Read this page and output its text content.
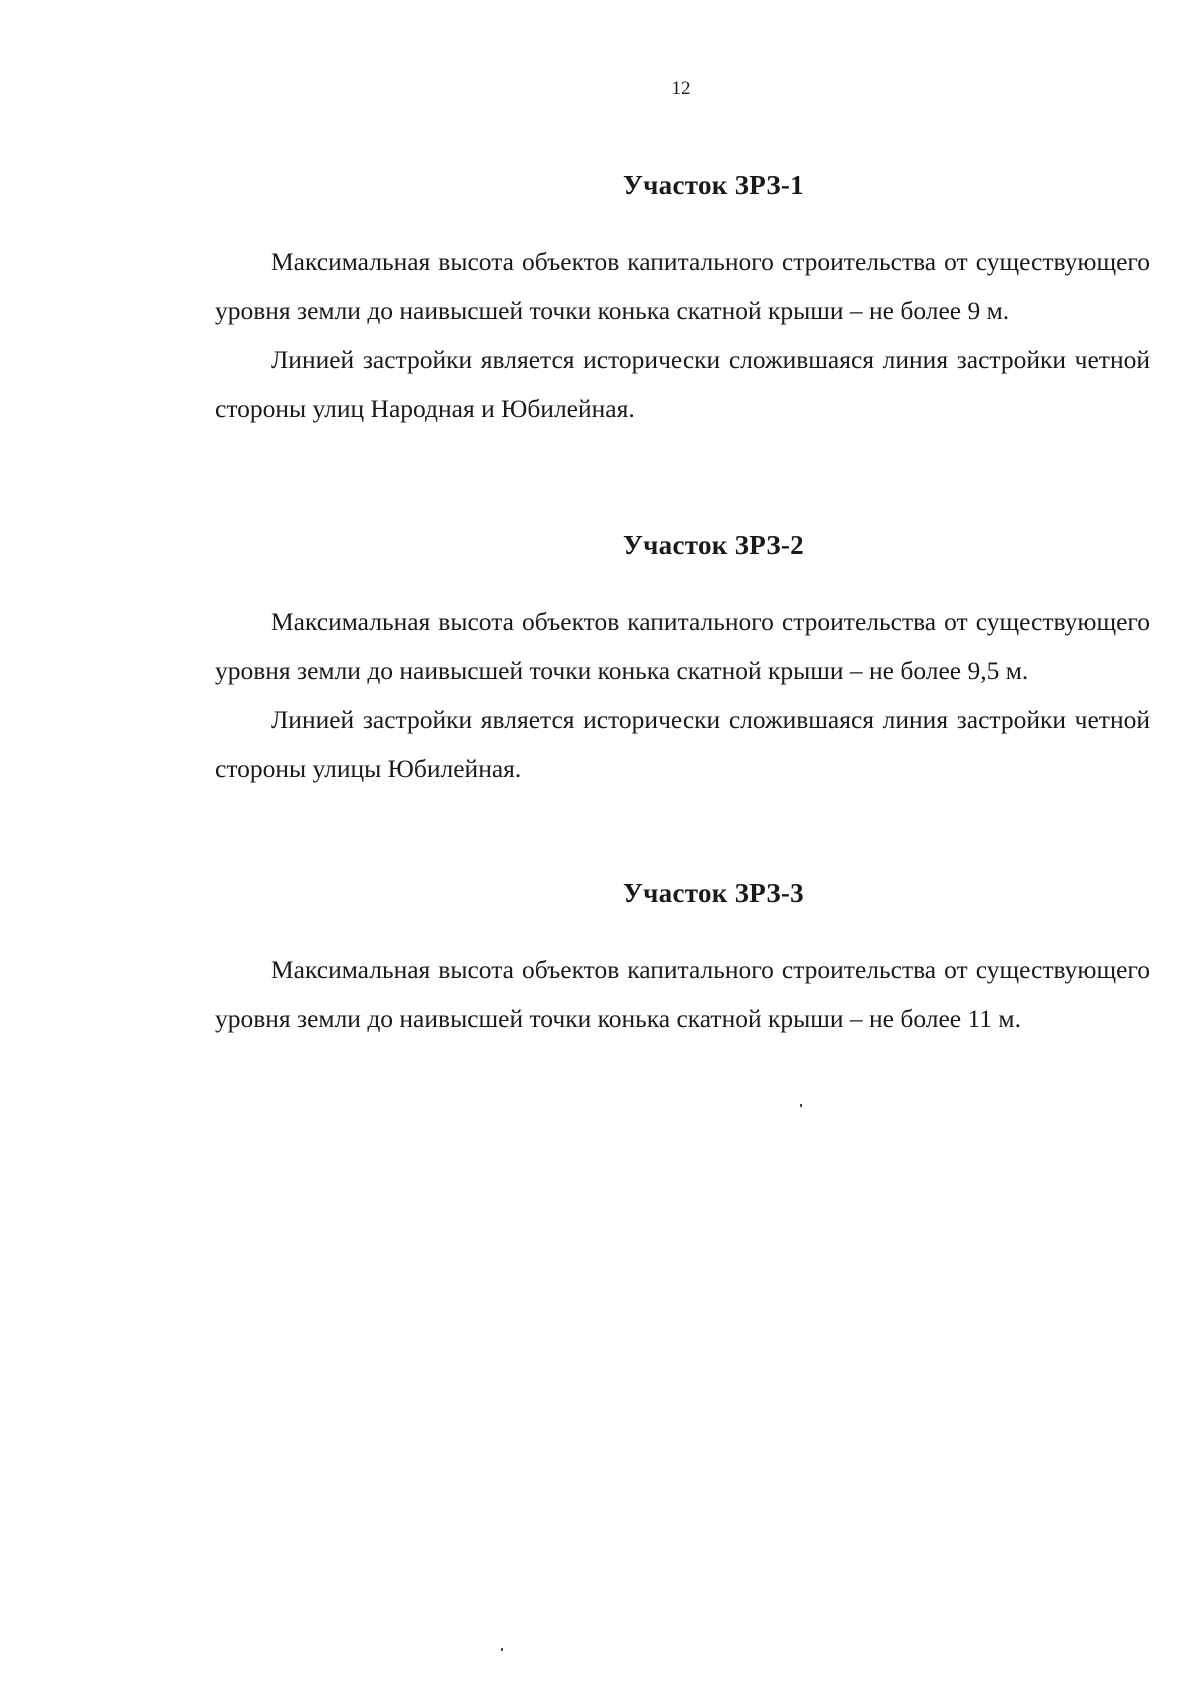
12
Участок ЗРЗ-1

Максимальная высота объектов капитального строительства от существующего уровня земли до наивысшей точки конька скатной крыши – не более 9 м.

Линией застройки является исторически сложившаяся линия застройки четной стороны улиц Народная и Юбилейная.

Участок ЗРЗ-2

Максимальная высота объектов капитального строительства от существующего уровня земли до наивысшей точки конька скатной крыши – не более 9,5 м.

Линией застройки является исторически сложившаяся линия застройки четной стороны улицы Юбилейная.

Участок ЗРЗ-3

Максимальная высота объектов капитального строительства от существующего уровня земли до наивысшей точки конька скатной крыши – не более 11 м.
